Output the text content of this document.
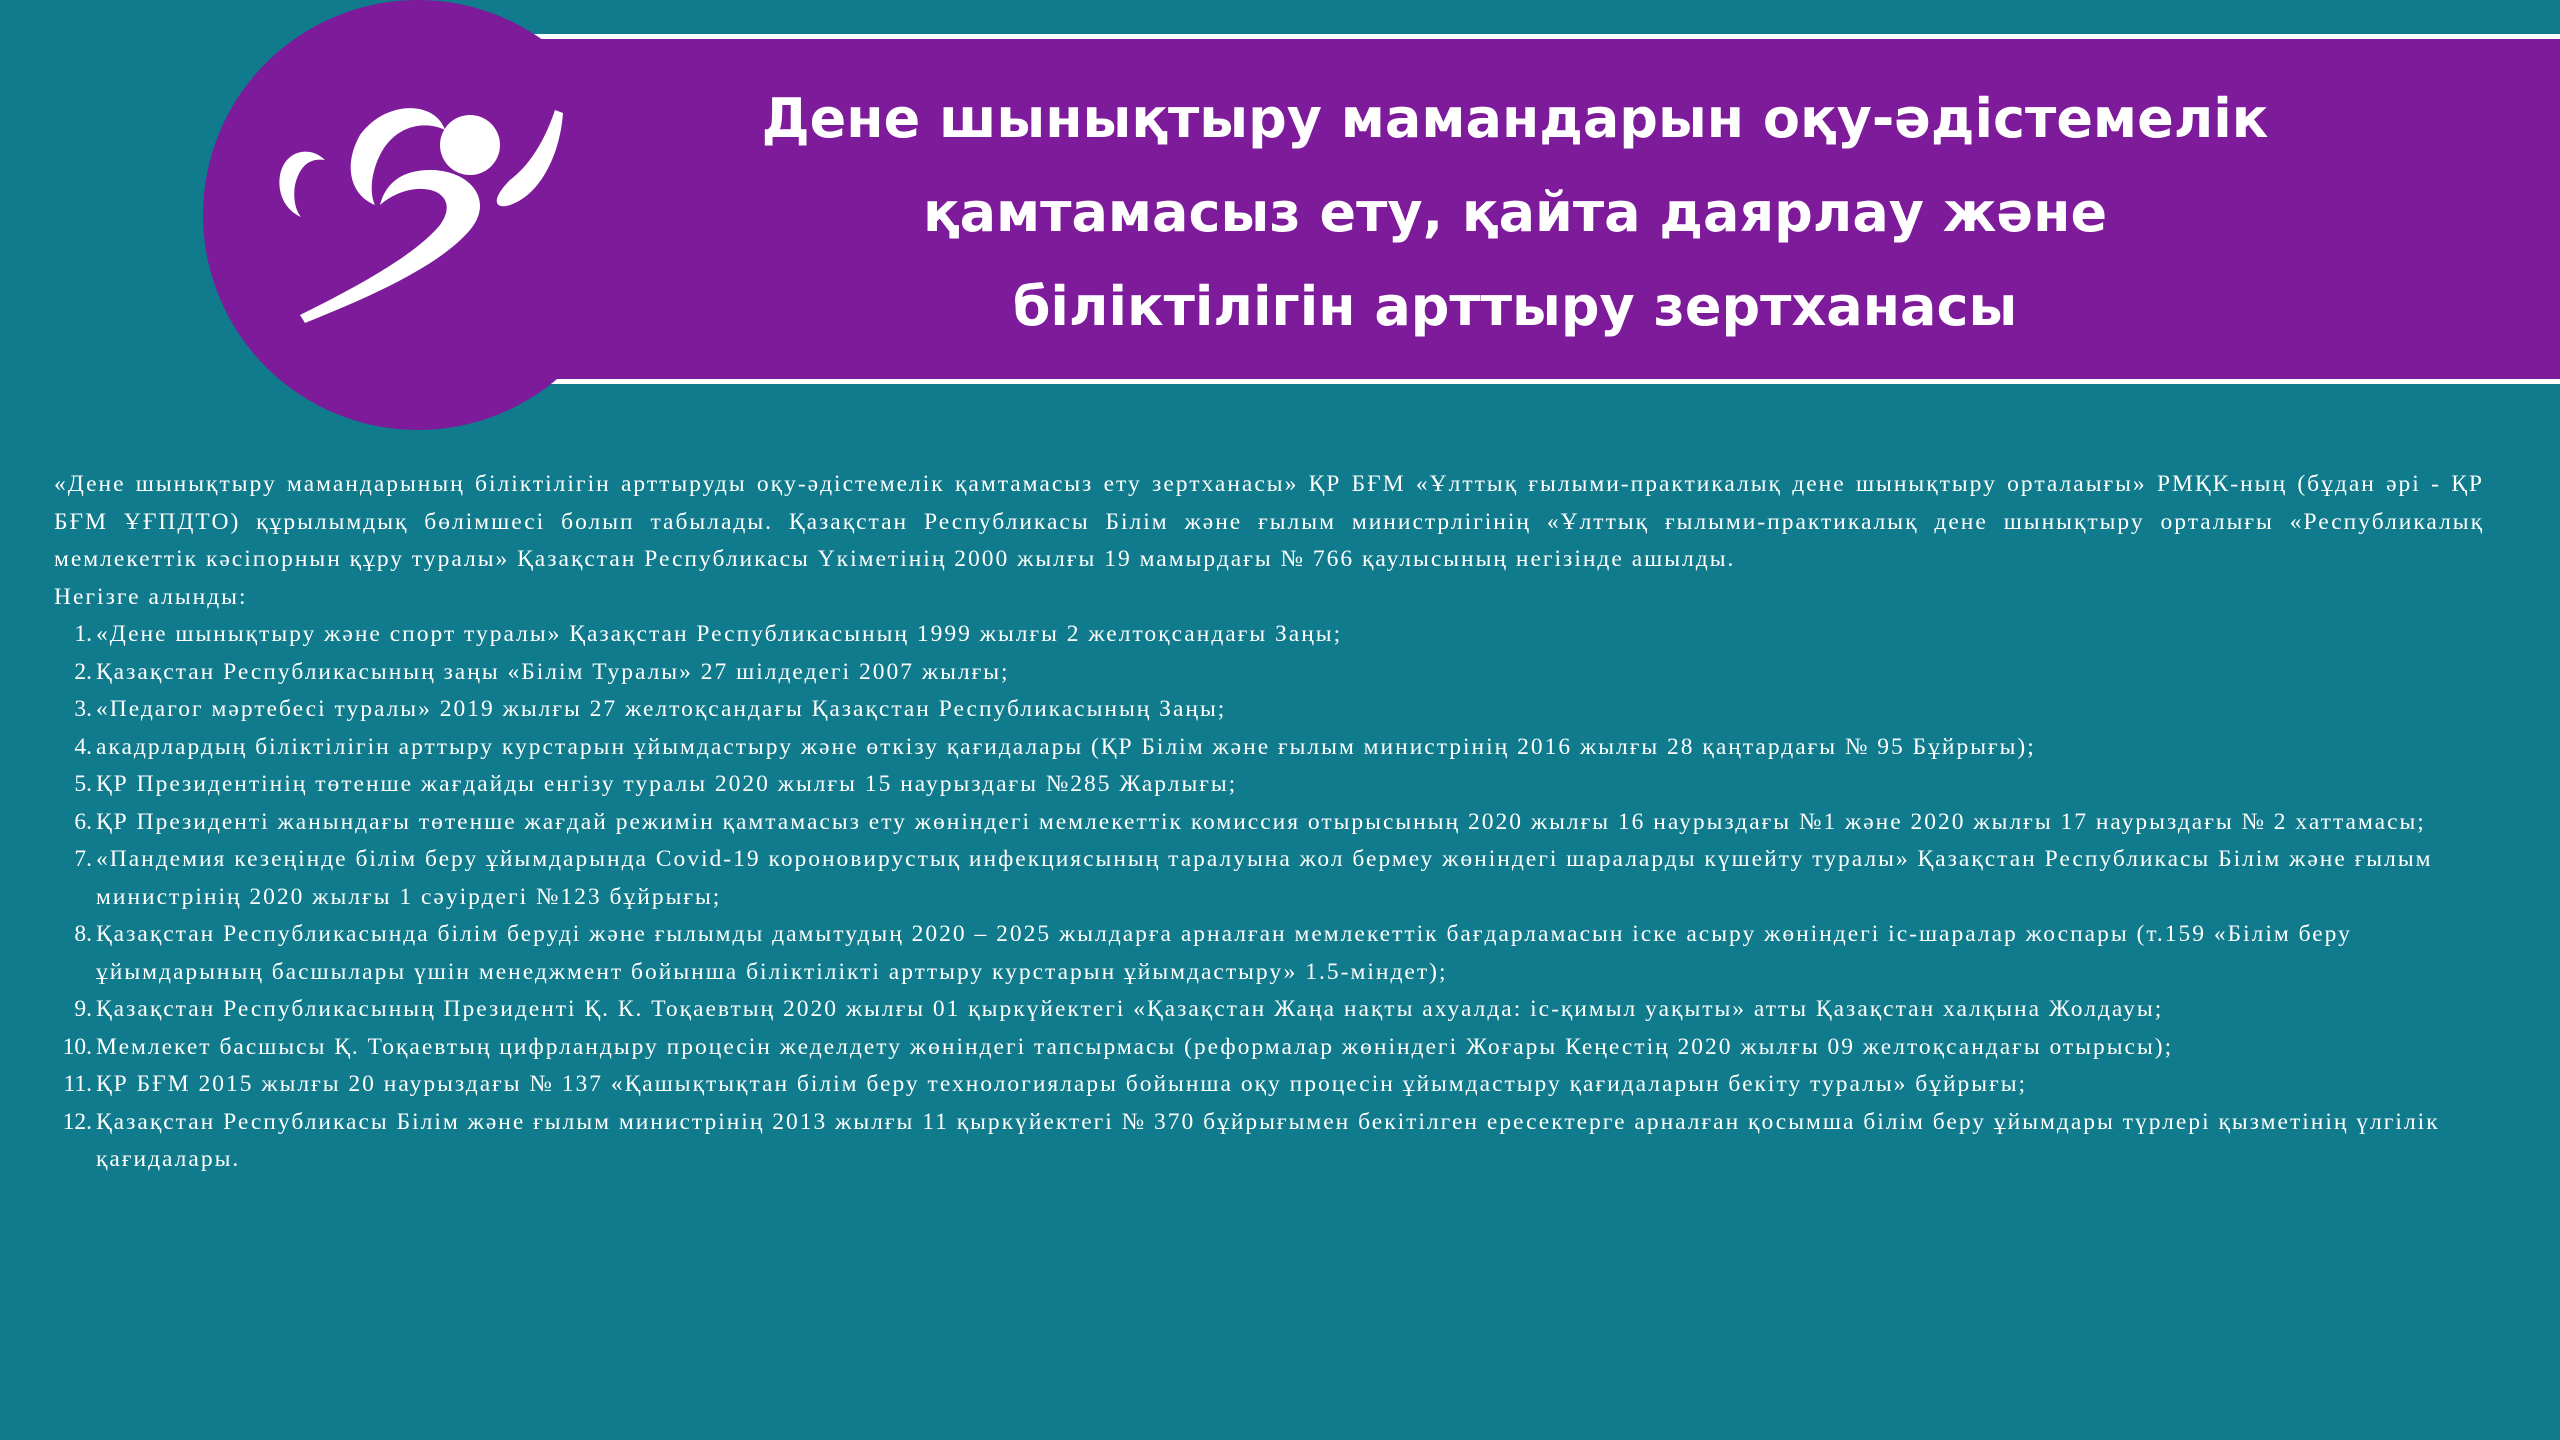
Дене шынықтыру мамандарын оқу-әдістемелік
қамтамасыз ету, қайта даярлау және
біліктілігін арттыру зертханасы

«Дене шынықтыру мамандарының біліктілігін арттыруды оқу-әдістемелік қамтамасыз ету зертханасы» ҚР БҒМ «Ұлттық ғылыми-практикалық дене шынықтыру орталаығы» РМҚК-ның (бұдан әрі - ҚР БҒМ ҰҒПДТО) құрылымдық бөлімшесі болып табылады. Қазақстан Республикасы Білім және ғылым министрлігінің «Ұлттық ғылыми-практикалық дене шынықтыру орталығы «Республикалық мемлекеттік кәсіпорнын құру туралы» Қазақстан Республикасы Үкіметінің 2000 жылғы 19 мамырдағы № 766 қаулысының негізінде ашылды.

Негізге алынды:

1. «Дене шынықтыру және спорт туралы» Қазақстан Республикасының 1999 жылғы 2 желтоқсандағы Заңы;
2. Қазақстан Республикасының заңы «Білім Туралы» 27 шілдедегі 2007 жылғы;
3. «Педагог мәртебесі туралы» 2019 жылғы 27 желтоқсандағы Қазақстан Республикасының Заңы;
4. акадрлардың біліктілігін арттыру курстарын ұйымдастыру және өткізу қағидалары (ҚР Білім және ғылым министрінің 2016 жылғы 28 қаңтардағы № 95 Бұйрығы);
5. ҚР Президентінің төтенше жағдайды енгізу туралы 2020 жылғы 15 наурыздағы №285 Жарлығы;
6. ҚР Президенті жанындағы төтенше жағдай режимін қамтамасыз ету жөніндегі мемлекеттік комиссия отырысының 2020 жылғы 16 наурыздағы №1 және 2020 жылғы 17 наурыздағы № 2 хаттамасы;
7. «Пандемия кезеңінде білім беру ұйымдарында Covid-19 короновирустық инфекциясының таралуына жол бермеу жөніндегі шараларды күшейту туралы» Қазақстан Республикасы Білім және ғылым министрінің 2020 жылғы 1 сәуірдегі №123 бұйрығы;
8. Қазақстан Республикасында білім беруді және ғылымды дамытудың 2020 – 2025 жылдарға арналған мемлекеттік бағдарламасын іске асыру жөніндегі іс-шаралар жоспары (т.159 «Білім беру ұйымдарының басшылары үшін менеджмент бойынша біліктілікті арттыру курстарын ұйымдастыру» 1.5-міндет);
9. Қазақстан Республикасының Президенті Қ. К. Тоқаевтың 2020 жылғы 01 қыркүйектегі «Қазақстан Жаңа нақты ахуалда: іс-қимыл уақыты» атты Қазақстан халқына Жолдауы;
10. Мемлекет басшысы Қ. Тоқаевтың цифрландыру процесін жеделдету жөніндегі тапсырмасы (реформалар жөніндегі Жоғары Кеңестің 2020 жылғы 09 желтоқсандағы отырысы);
11. ҚР БҒМ 2015 жылғы 20 наурыздағы № 137 «Қашықтықтан білім беру технологиялары бойынша оқу процесін ұйымдастыру қағидаларын бекіту туралы» бұйрығы;
12. Қазақстан Республикасы Білім және ғылым министрінің 2013 жылғы 11 қыркүйектегі № 370 бұйрығымен бекітілген ересектерге арналған қосымша білім беру ұйымдары түрлері қызметінің үлгілік қағидалары.
